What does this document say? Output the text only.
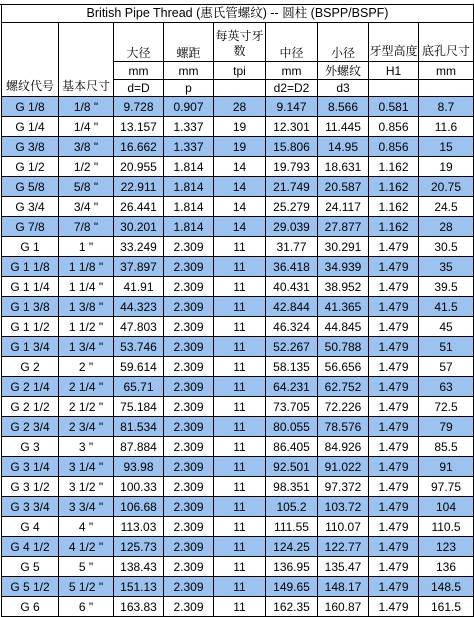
British Pipe Thread (惠氏管螺纹) -- 圆柱 (BSPP/BSPF)								
螺纹代号	基本尺寸	大径	螺距	每英寸牙数	中径	小径	牙型高度	底孔尺寸
		mm	mm	tpi	mm	外螺纹	H1	mm
		d=D	p		d2=D2	d3		
G 1/8	1/8 "	9.728	0.907	28	9.147	8.566	0.581	8.7
G 1/4	1/4 "	13.157	1.337	19	12.301	11.445	0.856	11.6
G 3/8	3/8 "	16.662	1.337	19	15.806	14.95	0.856	15
G 1/2	1/2 "	20.955	1.814	14	19.793	18.631	1.162	19
G 5/8	5/8 "	22.911	1.814	14	21.749	20.587	1.162	20.75
G 3/4	3/4 "	26.441	1.814	14	25.279	24.117	1.162	24.5
G 7/8	7/8 "	30.201	1.814	14	29.039	27.877	1.162	28
G 1	1 "	33.249	2.309	11	31.77	30.291	1.479	30.5
G 1 1/8	1 1/8 "	37.897	2.309	11	36.418	34.939	1.479	35
G 1 1/4	1 1/4 "	41.91	2.309	11	40.431	38.952	1.479	39.5
G 1 3/8	1 3/8 "	44.323	2.309	11	42.844	41.365	1.479	41.5
G 1 1/2	1 1/2 "	47.803	2.309	11	46.324	44.845	1.479	45
G 1 3/4	1 3/4 "	53.746	2.309	11	52.267	50.788	1.479	51
G 2	2 "	59.614	2.309	11	58.135	56.656	1.479	57
G 2 1/4	2 1/4 "	65.71	2.309	11	64.231	62.752	1.479	63
G 2 1/2	2 1/2 "	75.184	2.309	11	73.705	72.226	1.479	72.5
G 2 3/4	2 3/4 "	81.534	2.309	11	80.055	78.576	1.479	79
G 3	3 "	87.884	2.309	11	86.405	84.926	1.479	85.5
G 3 1/4	3 1/4 "	93.98	2.309	11	92.501	91.022	1.479	91
G 3 1/2	3 1/2 "	100.33	2.309	11	98.351	97.372	1.479	97.75
G 3 3/4	3 3/4 "	106.68	2.309	11	105.2	103.72	1.479	104
G 4	4 "	113.03	2.309	11	111.55	110.07	1.479	110.5
G 4 1/2	4 1/2 "	125.73	2.309	11	124.25	122.77	1.479	123
G 5	5 "	138.43	2.309	11	136.95	135.47	1.479	136
G 5 1/2	5 1/2 "	151.13	2.309	11	149.65	148.17	1.479	148.5
G 6	6 "	163.83	2.309	11	162.35	160.87	1.479	161.5
